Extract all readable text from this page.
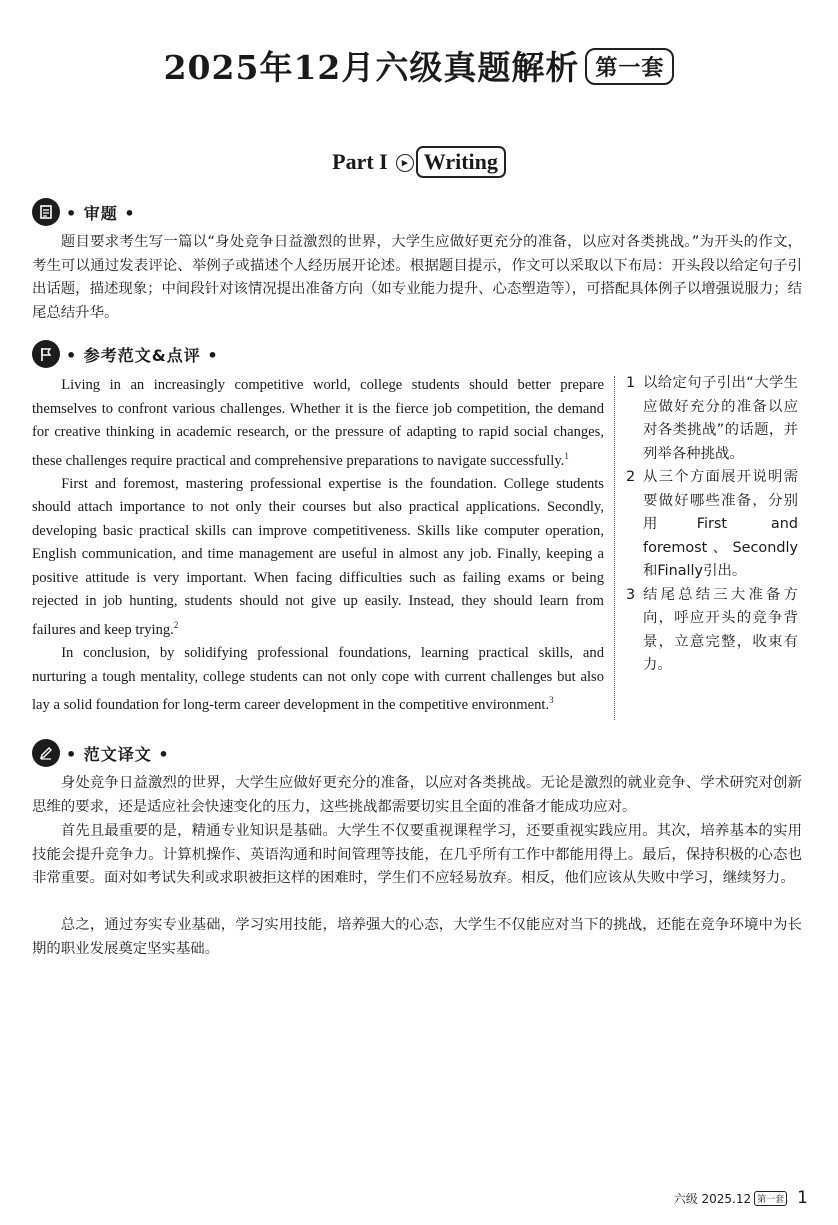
2025年12月六级真题解析 第一套
Part I ▸ Writing
• 审题 •

题目要求考生写一篇以“身处竞争日益激烈的世界，大学生应做好更充分的准备，以应对各类挑战。”为开头的作文，考生可以通过发表评论、举例子或描述个人经历展开论述。根据题目提示，作文可以采取以下布局：开头段以给定句子引出话题，描述现象；中间段针对该情况提出准备方向（如专业能力提升、心态塑造等），可搭配具体例子以增强说服力；结尾总结升华。

• 参考范文&点评 •

Living in an increasingly competitive world, college students should better prepare themselves to confront various challenges. Whether it is the fierce job competition, the demand for creative thinking in academic research, or the pressure of adapting to rapid social changes, these challenges require practical and comprehensive preparations to navigate successfully.$^1$

First and foremost, mastering professional expertise is the foundation. College students should attach importance to not only their courses but also practical applications. Secondly, developing basic practical skills can improve competitiveness. Skills like computer operation, English communication, and time management are useful in almost any job. Finally, keeping a positive attitude is very important. When facing difficulties such as failing exams or being rejected in job hunting, students should not give up easily. Instead, they should learn from failures and keep trying.$^2$

In conclusion, by solidifying professional foundations, learning practical skills, and nurturing a tough mentality, college students can not only cope with current challenges but also lay a solid foundation for long-term career development in the competitive environment.$^3$

1 以给定句子引出“大学生应做好充分的准备以应对各类挑战”的话题，并列举各种挑战。
2 从三个方面展开说明需要做好哪些准备，分别用First and foremost、Secondly和Finally引出。
3 结尾总结三大准备方向，呼应开头的竞争背景，立意完整，收束有力。
• 范文译文 •

身处竞争日益激烈的世界，大学生应做好更充分的准备，以应对各类挑战。无论是激烈的就业竞争、学术研究对创新思维的要求，还是适应社会快速变化的压力，这些挑战都需要切实且全面的准备才能成功应对。

首先且最重要的是，精通专业知识是基础。大学生不仅要重视课程学习，还要重视实践应用。其次，培养基本的实用技能会提升竞争力。计算机操作、英语沟通和时间管理等技能，在几乎所有工作中都能用得上。最后，保持积极的心态也非常重要。面对如考试失利或求职被拒这样的困难时，学生们不应轻易放弃。相反，他们应该从失败中学习，继续努力。

总之，通过夯实专业基础，学习实用技能，培养强大的心态，大学生不仅能应对当下的挑战，还能在竞争环境中为长期的职业发展奠定坚实基础。

六级 2025.12 第一套 1
